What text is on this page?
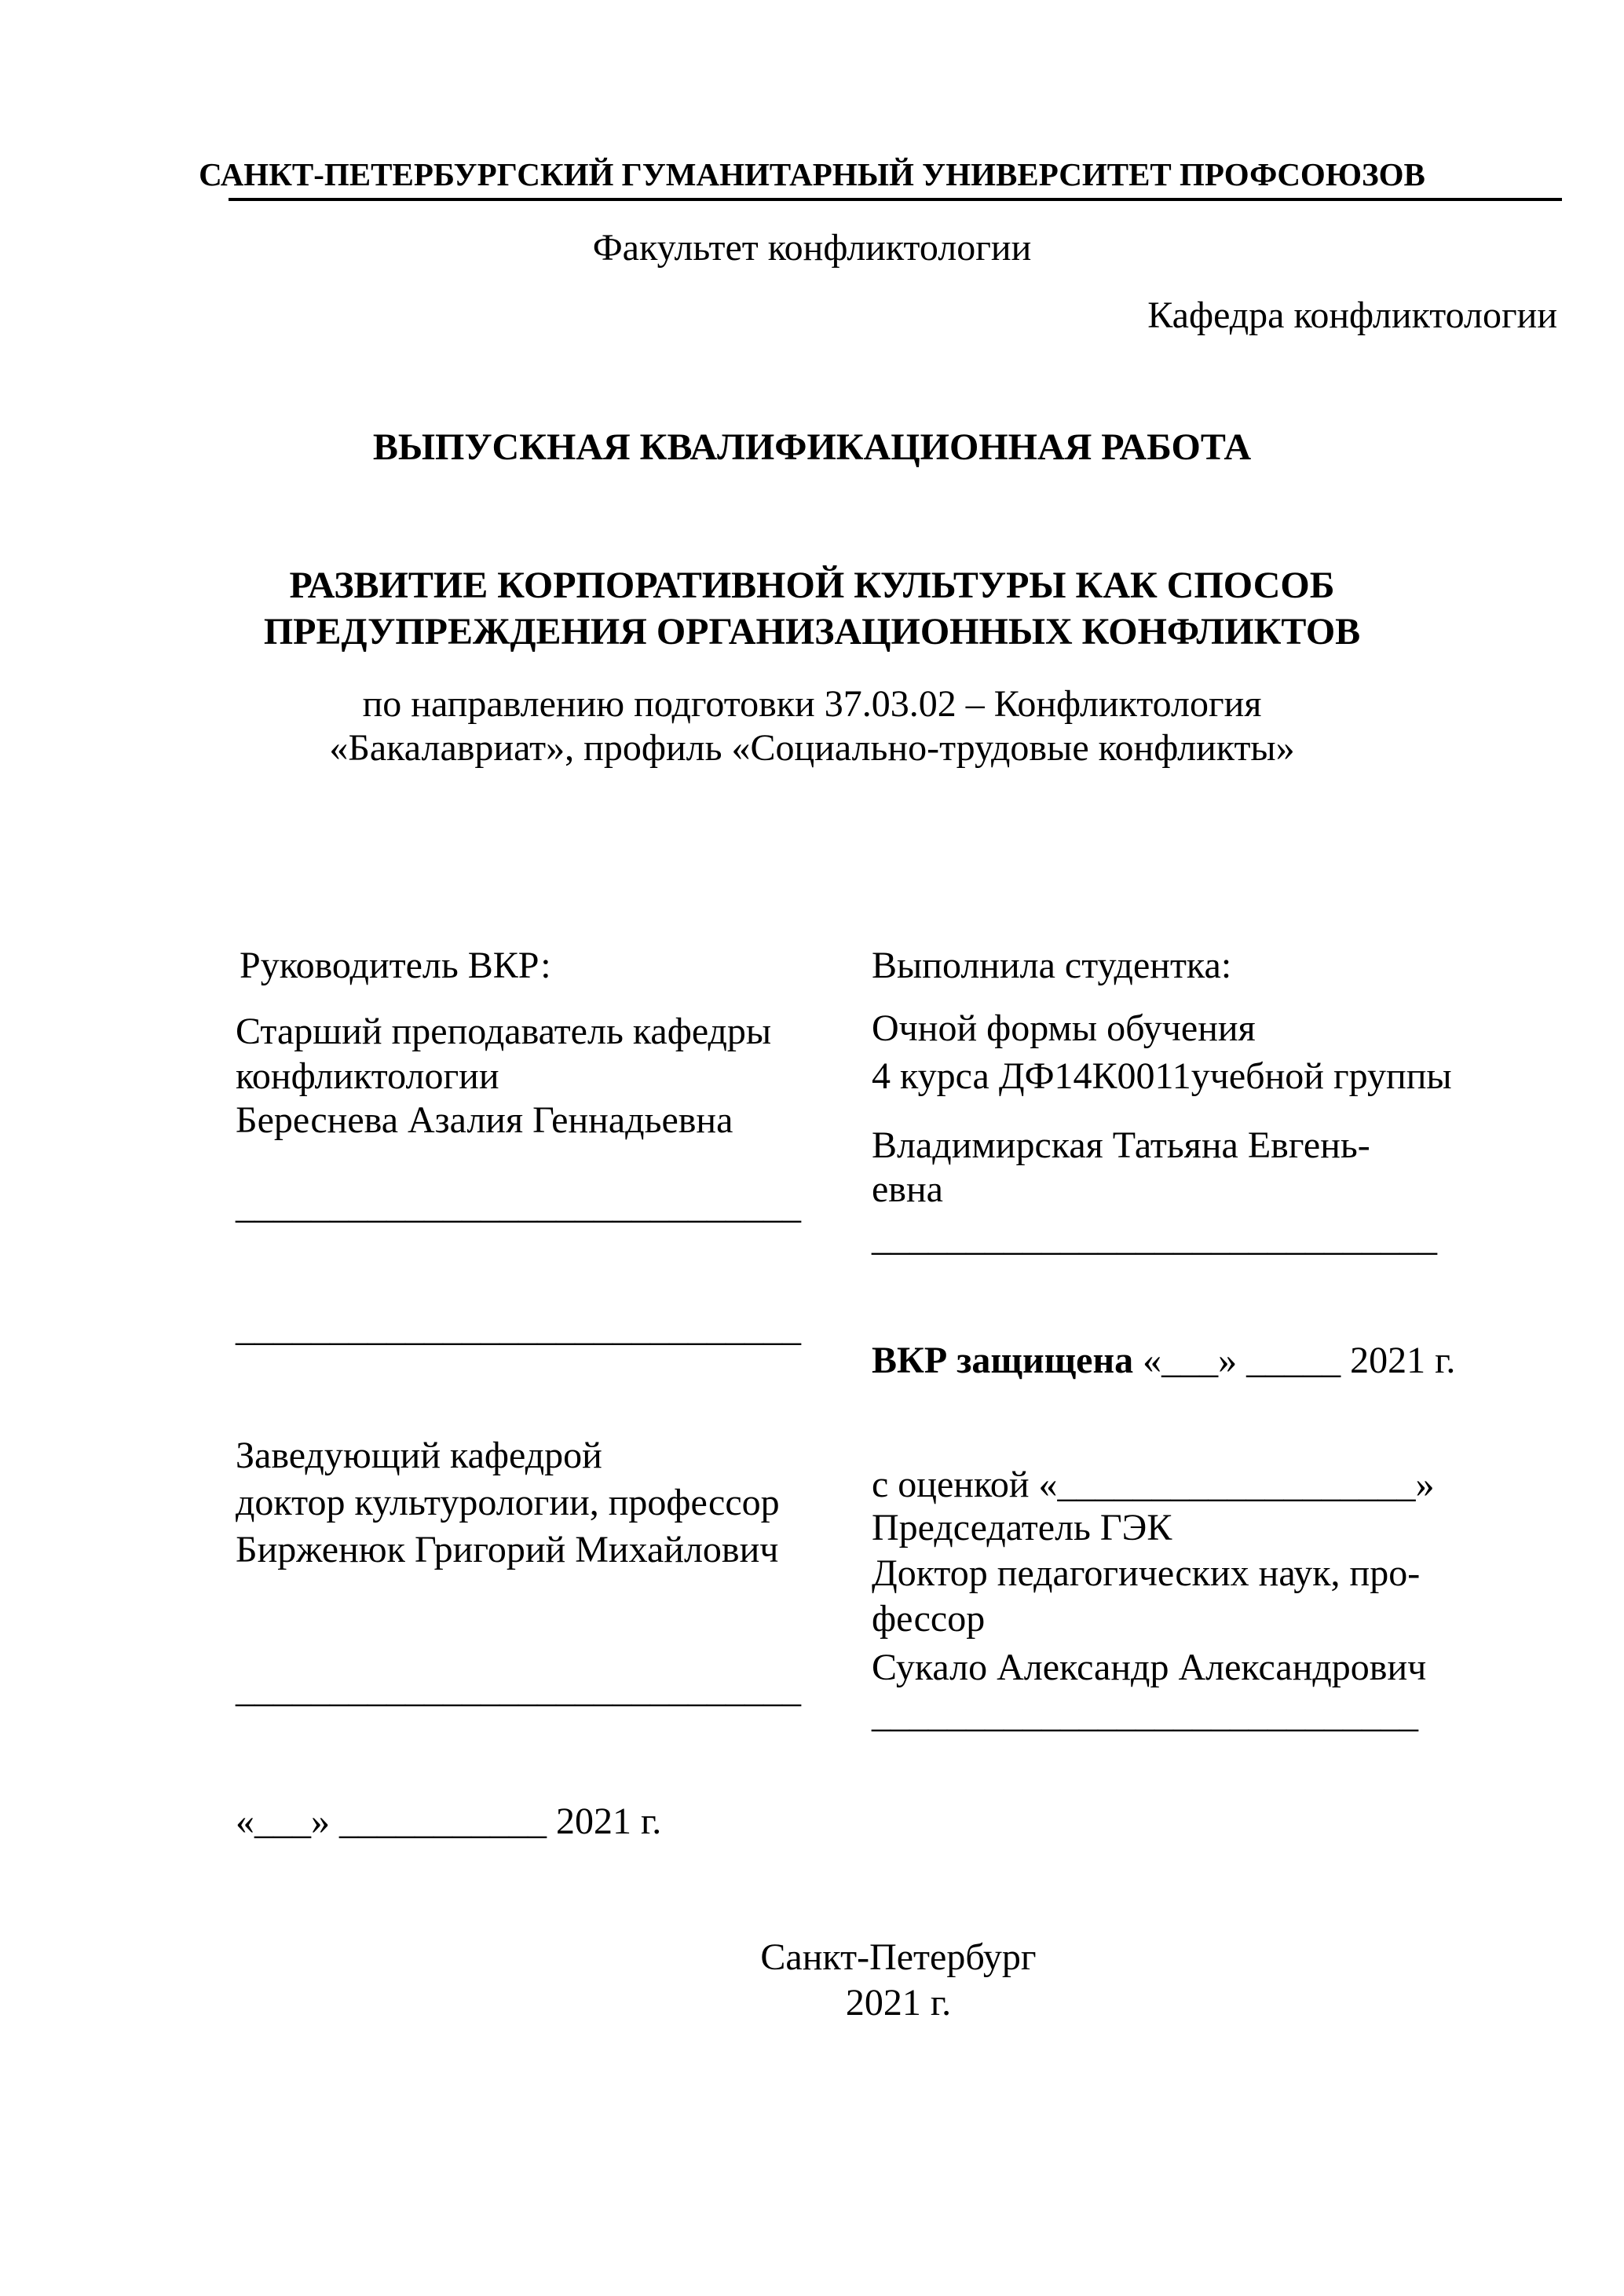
САНКТ-ПЕТЕРБУРГСКИЙ ГУМАНИТАРНЫЙ УНИВЕРСИТЕТ ПРОФСОЮЗОВ
Факультет конфликтологии
Кафедра конфликтологии
ВЫПУСКНАЯ КВАЛИФИКАЦИОННАЯ РАБОТА
РАЗВИТИЕ КОРПОРАТИВНОЙ КУЛЬТУРЫ КАК СПОСОБ
ПРЕДУПРЕЖДЕНИЯ ОРГАНИЗАЦИОННЫХ КОНФЛИКТОВ
по направлению подготовки 37.03.02 – Конфликтология
«Бакалавриат», профиль «Социально-трудовые конфликты»
Руководитель ВКР:
Старший преподаватель кафедры
конфликтологии
Береснева Азалия Геннадьевна
______________________________
______________________________
Заведующий кафедрой
доктор культурологии, профессор
Бирженюк Григорий Михайлович
______________________________
Выполнила студентка:
Очной формы обучения
4 курса ДФ14К0011учебной группы
Владимирская Татьяна Евгень-
евна
______________________________
ВКР защищена «___» _____ 2021 г.
с оценкой «___________________»
Председатель ГЭК
Доктор педагогических наук, про-
фессор
Сукало Александр Александрович
_____________________________
«___» ___________ 2021 г.
Санкт-Петербург
2021 г.
